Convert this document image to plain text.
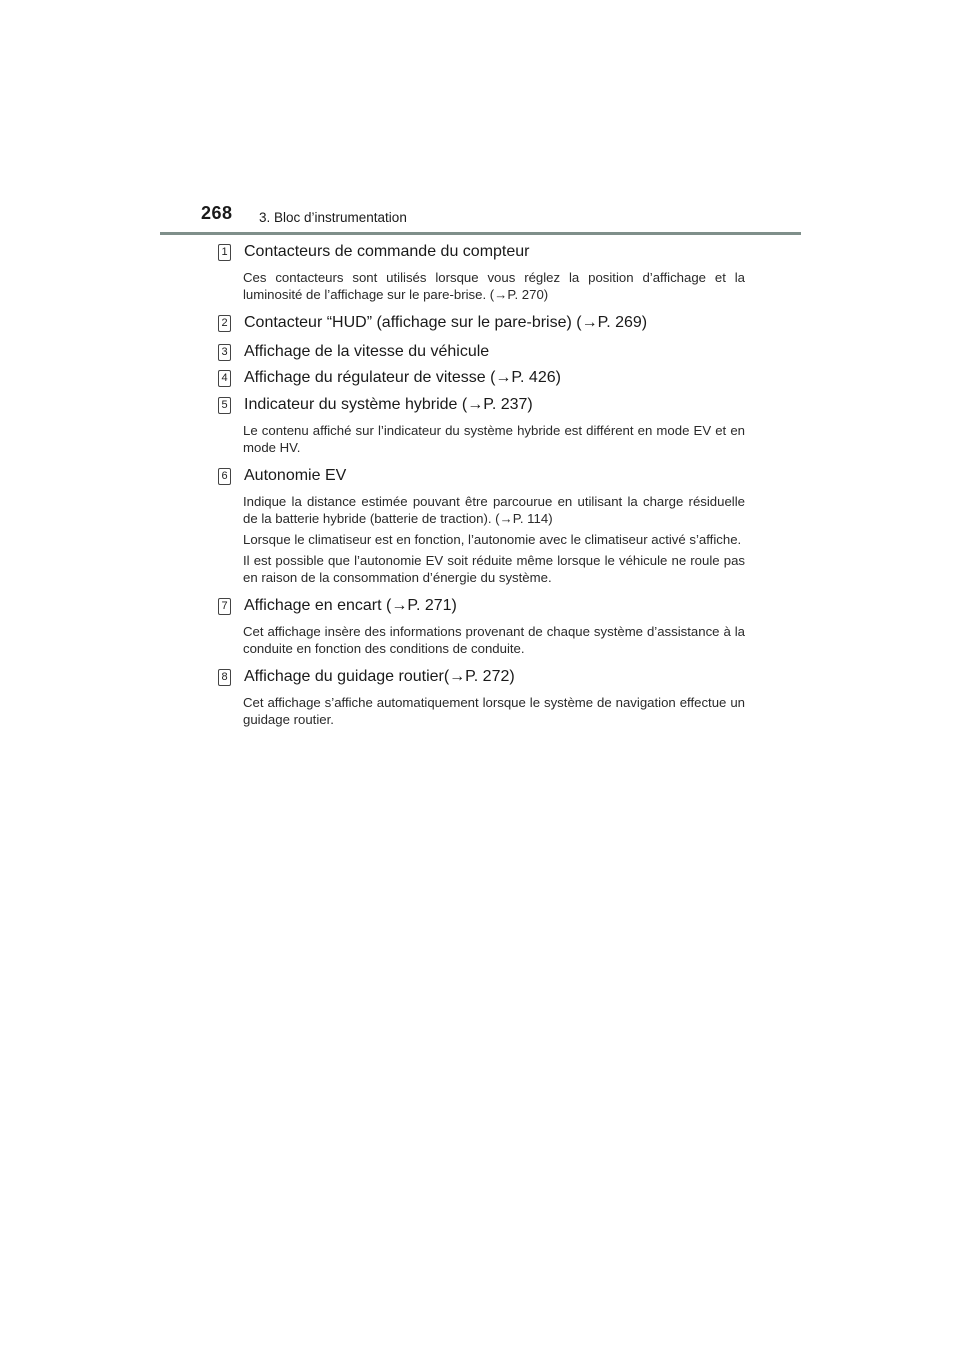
268 3. Bloc d’instrumentation
1 Contacteurs de commande du compteur

Ces contacteurs sont utilisés lorsque vous réglez la position d’affichage et la luminosité de l’affichage sur le pare-brise. (→P. 270)

2 Contacteur “HUD” (affichage sur le pare-brise) (→P. 269)
3 Affichage de la vitesse du véhicule
4 Affichage du régulateur de vitesse (→P. 426)
5 Indicateur du système hybride (→P. 237)

Le contenu affiché sur l’indicateur du système hybride est différent en mode EV et en mode HV.

6 Autonomie EV

Indique la distance estimée pouvant être parcourue en utilisant la charge résiduelle de la batterie hybride (batterie de traction). (→P. 114)

Lorsque le climatiseur est en fonction, l’autonomie avec le climatiseur activé s’affiche.

Il est possible que l’autonomie EV soit réduite même lorsque le véhicule ne roule pas en raison de la consommation d’énergie du système.

7 Affichage en encart (→P. 271)

Cet affichage insère des informations provenant de chaque système d’assistance à la conduite en fonction des conditions de conduite.

8 Affichage du guidage routier(→P. 272)

Cet affichage s’affiche automatiquement lorsque le système de navigation effectue un guidage routier.
